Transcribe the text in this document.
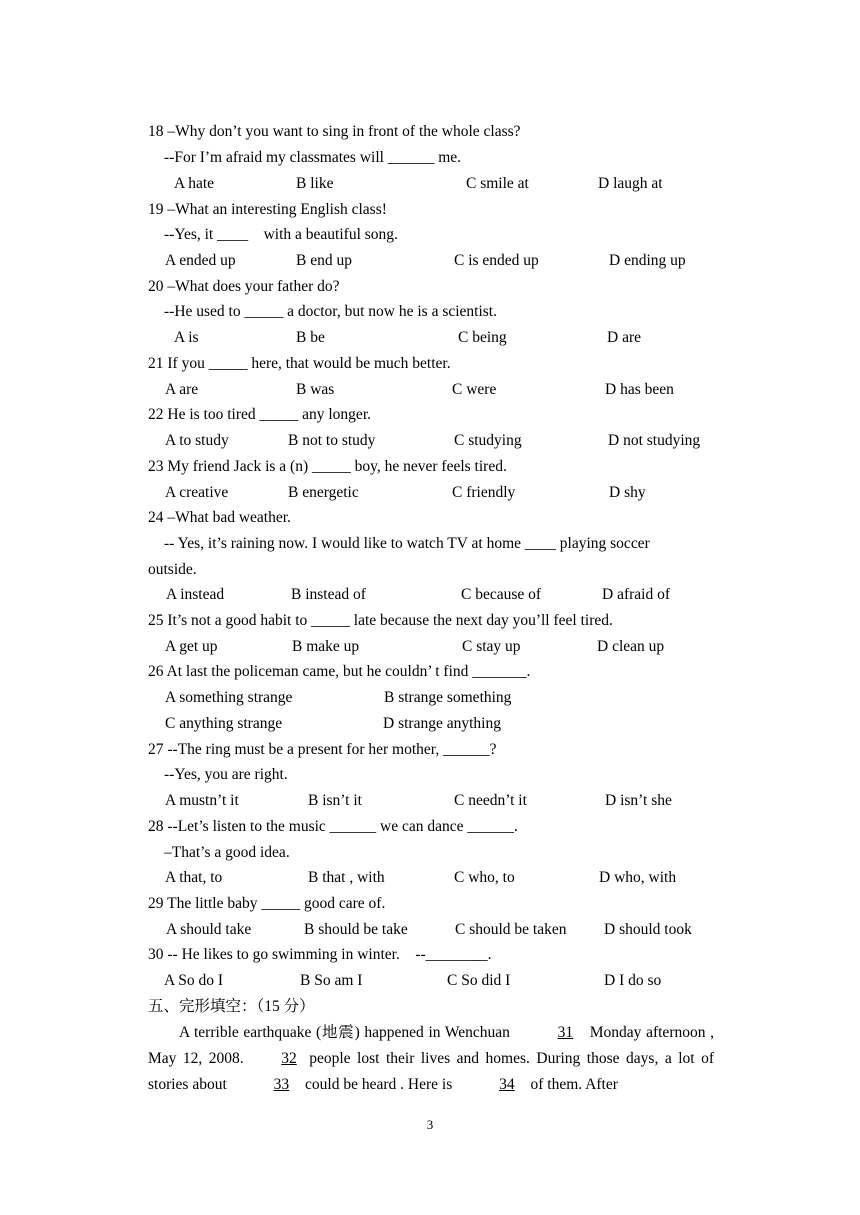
18 –Why don’t you want to sing in front of the whole class?
--For I’m afraid my classmates will ______ me.
A hate	B like	C smile at	D laugh at
19 –What an interesting English class!
--Yes, it ____    with a beautiful song.
A ended up	B end up	C is ended up	D ending up
20 –What does your father do?
--He used to _____ a doctor, but now he is a scientist.
A is	B be	C being	D are
21 If you _____ here, that would be much better.
A are	B was	C were	D has been
22 He is too tired _____ any longer.
A to study	B not to study	C studying	D not studying
23 My friend Jack is a (n) _____ boy, he never feels tired.
A creative	B energetic	C friendly	D shy
24 –What bad weather.
-- Yes, it’s raining now. I would like to watch TV at home ____ playing soccer
outside.
A instead	B instead of	C because of	D afraid of
25 It’s not a good habit to _____ late because the next day you’ll feel tired.
A get up	B make up	C stay up	D clean up
26 At last the policeman came, but he couldn’ t find _______.
A something strange	B strange something
C anything strange	D strange anything
27 --The ring must be a present for her mother, ______?
--Yes, you are right.
A mustn’t it	B isn’t it	C needn’t it	D isn’t she
28 --Let’s listen to the music ______ we can dance ______.
–That’s a good idea.
A that, to	B that , with	C who, to	D who, with
29 The little baby _____ good care of.
A should take	B should be take	C should be taken D should took
30 -- He likes to go swimming in winter.    --________.
A So do I	B So am I	C So did I	D I do so
五、完形填空：（15 分）
A terrible earthquake (地震) happened in Wenchuan	31 Monday afternoon , May 12, 2008. 32 people lost their lives and homes. During those days, a lot of stories about	33 could be heard . Here is	34 of them. After
3
